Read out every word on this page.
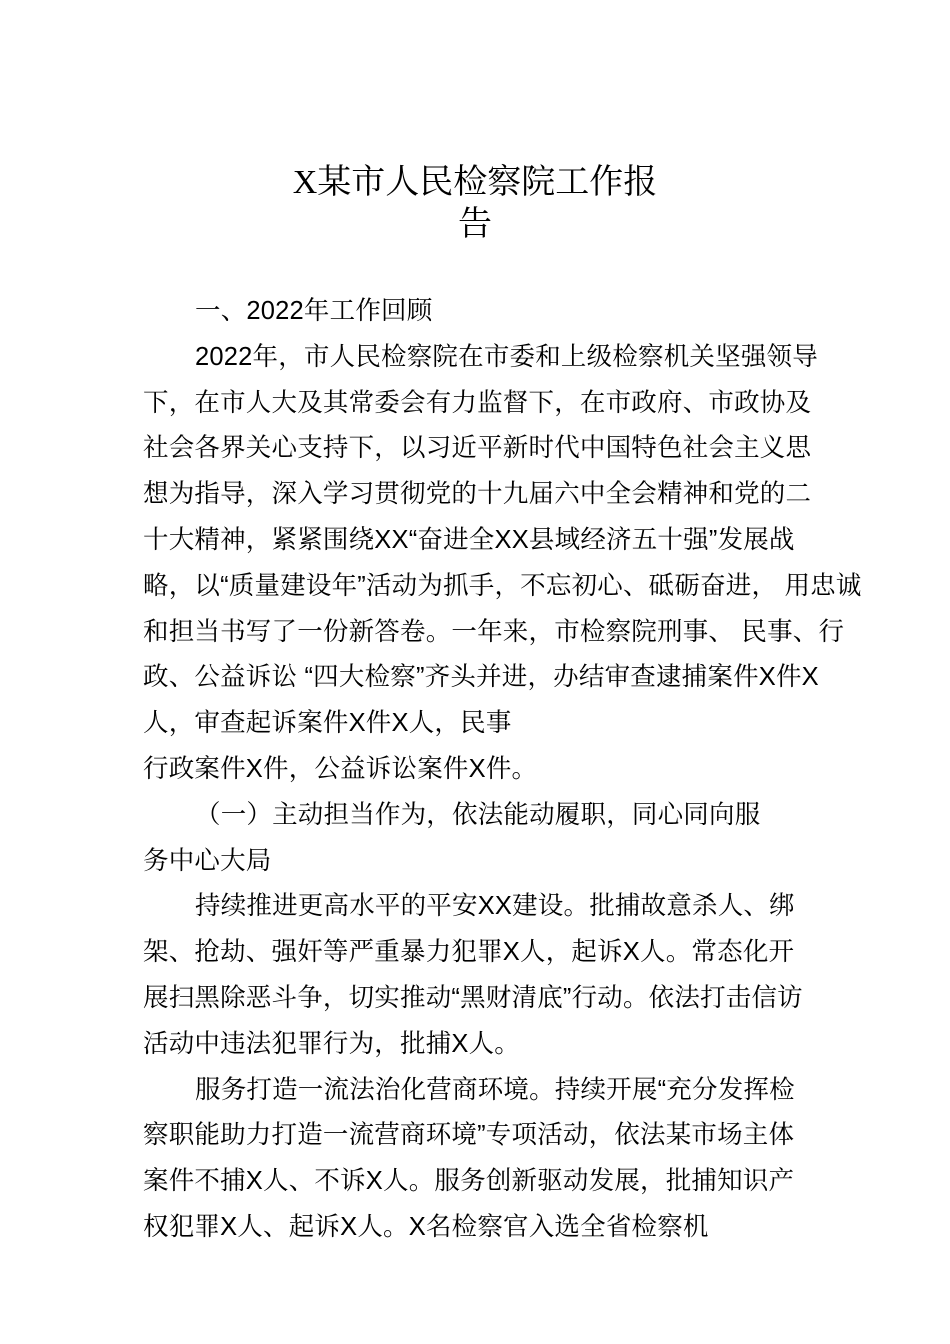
X某市人民检察院工作报
告
一、2022年工作回顾
2022年，市人民检察院在市委和上级检察机关坚强领导
下，在市人大及其常委会有力监督下，在市政府、市政协及
社会各界关心支持下，以习近平新时代中国特色社会主义思
想为指导，深入学习贯彻党的十九届六中全会精神和党的二
十大精神，紧紧围绕XX“奋进全XX县域经济五十强”发展战
略，以“质量建设年”活动为抓手，不忘初心、砥砺奋进， 用忠诚
和担当书写了一份新答卷。一年来，市检察院刑事、 民事、行
政、公益诉讼 “四大检察”齐头并进，办结审查逮捕案件X件X
人，审查起诉案件X件X人，民事
行政案件X件，公益诉讼案件X件。
（一）主动担当作为，依法能动履职，同心同向服
务中心大局
持续推进更高水平的平安XX建设。批捕故意杀人、绑
架、抢劫、强奸等严重暴力犯罪X人，起诉X人。常态化开
展扫黑除恶斗争，切实推动“黑财清底”行动。依法打击信访
活动中违法犯罪行为，批捕X人。
服务打造一流法治化营商环境。持续开展“充分发挥检
察职能助力打造一流营商环境”专项活动，依法某市场主体
案件不捕X人、不诉X人。服务创新驱动发展，批捕知识产
权犯罪X人、起诉X人。X名检察官入选全省检察机
